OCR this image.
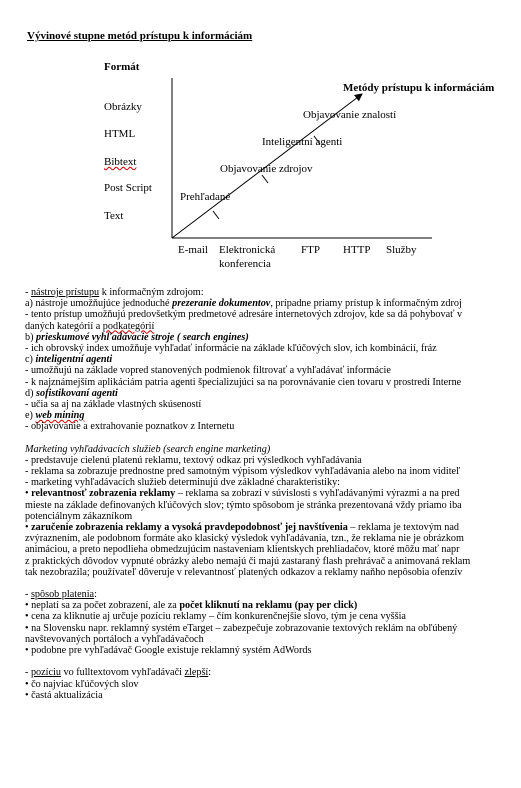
Vývinové stupne metód prístupu k informáciám
Formát
Metódy prístupu k informáciám
Obrázky
HTML
Bibtext
Post Script
Text
Prehľadané
Objavovanie zdrojov
Inteligentní agenti
Objavovanie znalostí
E-mail Elektronická
konferencia
FTP HTTP Služby
- nástroje prístupu k informačným zdrojom:
a) nástroje umožňujúce jednoduché prezeranie dokumentov, prípadne priamy prístup k informačným zdroj
- tento prístup umožňujú predovšetkým predmetové adresáre internetových zdrojov, kde sa dá pohybovať v
daných kategórií a podkategórií
b) prieskumové vyhľadávacie stroje ( search engines)
- ich obrovský index umožňuje vyhľadať informácie na základe kľúčových slov, ich kombinácií, fráz
c) inteligentní agenti
- umožňujú na základe vopred stanovených podmienok filtrovať a vyhľadávať informácie
- k najznámejším aplikáciám patria agenti špecializujúci sa na porovnávanie cien tovaru v prostredí Interne
d) sofistikovaní agenti
- učia sa aj na základe vlastných skúseností
e) web mining
- objavovanie a extrahovanie poznatkov z Internetu
Marketing vyhľadávacích služieb (search engine marketing)
- predstavuje cielenú platenú reklamu, textový odkaz pri výsledkoch vyhľadávania
- reklama sa zobrazuje prednostne pred samotným výpisom výsledkov vyhľadávania alebo na inom viditeľ
- marketing vyhľadávacích služieb determinujú dve základné charakteristiky:
• relevantnosť zobrazenia reklamy – reklama sa zobrazí v súvislosti s vyhľadávanými výrazmi a na pred
mieste na základe definovaných kľúčových slov; týmto spôsobom je stránka prezentovaná vždy priamo iba
potenciálnym zákazníkom
• zaručenie zobrazenia reklamy a vysoká pravdepodobnosť jej navštívenia – reklama je textovým nad
zvýraznením, ale podobnom formáte ako klasický výsledok vyhľadávania, tzn., že reklama nie je obrázkom
animáciou, a preto nepodlieha obmedzujúcim nastaveniam klientskych prehliadačov, ktoré môžu mať napr
z praktických dôvodov vypnuté obrázky alebo nemajú či majú zastaraný flash prehrávač a animovaná reklam
tak nezobrazila; používateľ dôveruje v relevantnosť platených odkazov a reklamy naňho nepôsobia ofenzív
- spôsob platenia:
• neplatí sa za počet zobrazení, ale za počet kliknutí na reklamu (pay per click)
• cena za kliknutie aj určuje pozíciu reklamy – čím konkurenčnejšie slovo, tým je cena vyššia
• na Slovensku napr. reklamný systém eTarget – zabezpečuje zobrazovanie textových reklám na obľúbený
navštevovaných portáloch a vyhľadávačoch
• podobne pre vyhľadávač Google existuje reklamný systém AdWords
- pozíciu vo fulltextovom vyhľadávači zlepší:
• čo najviac kľúčových slov
• častá aktualizácia
